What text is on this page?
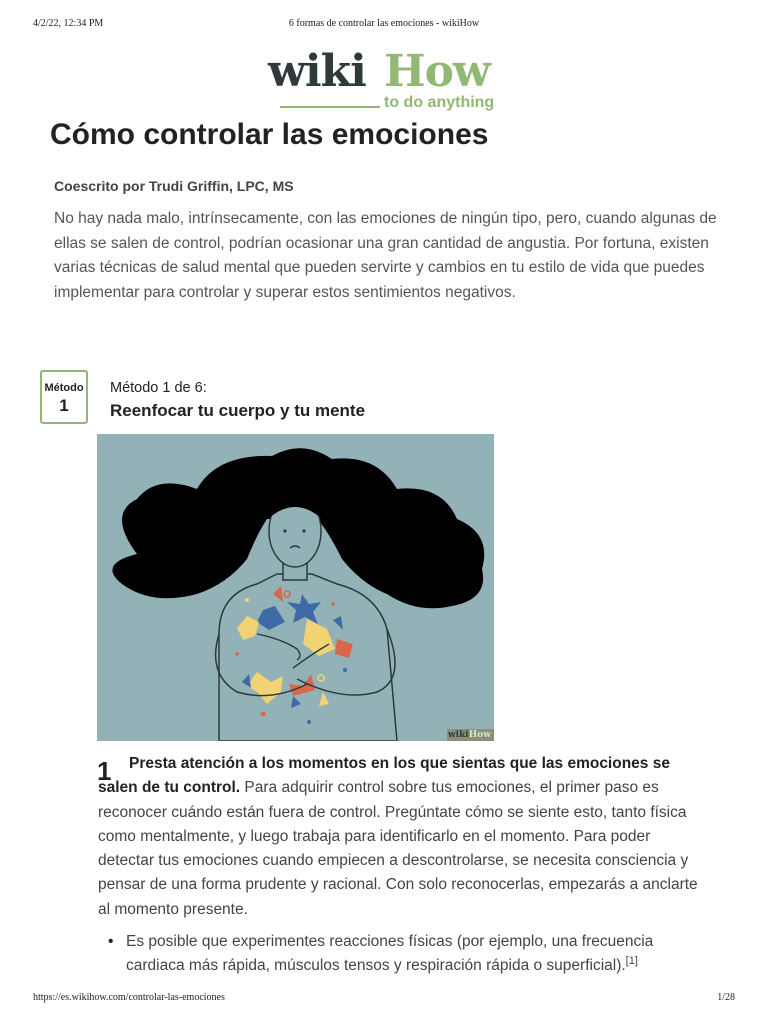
4/2/22, 12:34 PM	6 formas de controlar las emociones - wikiHow
wiki How
to do anything
Cómo controlar las emociones
Coescrito por Trudi Griffin, LPC, MS

No hay nada malo, intrínsecamente, con las emociones de ningún tipo, pero, cuando algunas de ellas se salen de control, podrían ocasionar una gran cantidad de angustia. Por fortuna, existen varias técnicas de salud mental que pueden servirte y cambios en tu estilo de vida que puedes implementar para controlar y superar estos sentimientos negativos.

Método
1
Método 1 de 6:
Reenfocar tu cuerpo y tu mente
wikiHow
1	Presta atención a los momentos en los que sientas que las emociones se salen de tu control. Para adquirir control sobre tus emociones, el primer paso es reconocer cuándo están fuera de control. Pregúntate cómo se siente esto, tanto física como mentalmente, y luego trabaja para identificarlo en el momento. Para poder detectar tus emociones cuando empiecen a descontrolarse, se necesita consciencia y pensar de una forma prudente y racional. Con solo reconocerlas, empezarás a anclarte al momento presente.

• Es posible que experimentes reacciones físicas (por ejemplo, una frecuencia cardiaca más rápida, músculos tensos y respiración rápida o superficial).[1]
https://es.wikihow.com/controlar-las-emociones	1/28
